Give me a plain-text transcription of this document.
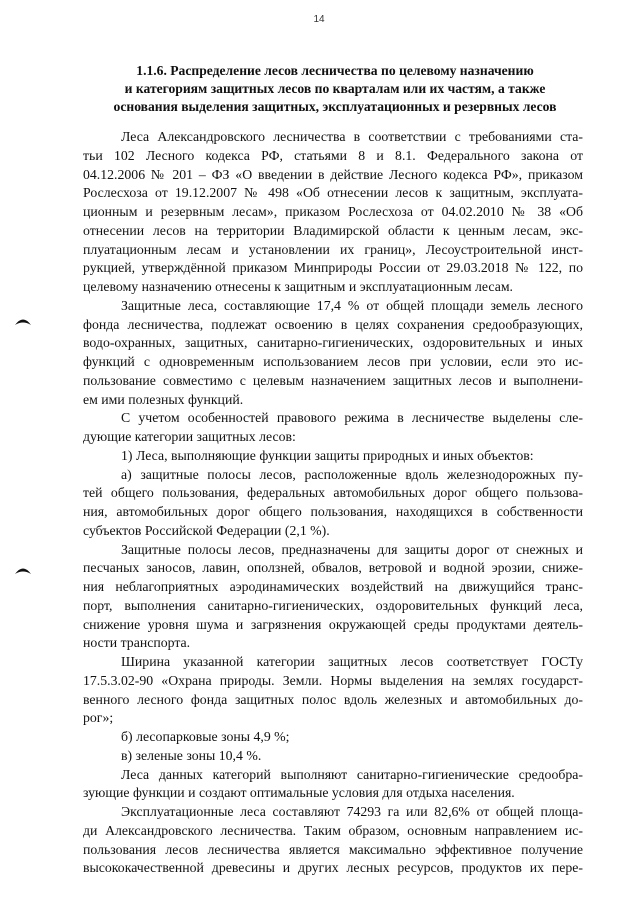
14
1.1.6. Распределение лесов лесничества по целевому назначению
и категориям защитных лесов по кварталам или их частям, а также
основания выделения защитных, эксплуатационных и резервных лесов
Леса Александровского лесничества в соответствии с требованиями ста-
тьи 102 Лесного кодекса РФ, статьями 8 и 8.1. Федерального закона от
04.12.2006 № 201 – ФЗ «О введении в действие Лесного кодекса РФ», приказом
Рослесхоза от 19.12.2007 № 498 «Об отнесении лесов к защитным, эксплуата-
ционным и резервным лесам», приказом Рослесхоза от 04.02.2010 № 38 «Об
отнесении лесов на территории Владимирской области к ценным лесам, экс-
плуатационным лесам и установлении их границ», Лесоустроительной инст-
рукцией, утверждённой приказом Минприроды России от 29.03.2018 № 122, по
целевому назначению отнесены к защитным и эксплуатационным лесам.
Защитные леса, составляющие 17,4 % от общей площади земель лесного
фонда лесничества, подлежат освоению в целях сохранения средообразующих,
водо-охранных, защитных, санитарно-гигиенических, оздоровительных и иных
функций с одновременным использованием лесов при условии, если это ис-
пользование совместимо с целевым назначением защитных лесов и выполнени-
ем ими полезных функций.
С учетом особенностей правового режима в лесничестве выделены сле-
дующие категории защитных лесов:
1) Леса, выполняющие функции защиты природных и иных объектов:
а) защитные полосы лесов, расположенные вдоль железнодорожных пу-
тей общего пользования, федеральных автомобильных дорог общего пользова-
ния, автомобильных дорог общего пользования, находящихся в собственности
субъектов Российской Федерации (2,1 %).
Защитные полосы лесов, предназначены для защиты дорог от снежных и
песчаных заносов, лавин, оползней, обвалов, ветровой и водной эрозии, сниже-
ния неблагоприятных аэродинамических воздействий на движущийся транс-
порт, выполнения санитарно-гигиенических, оздоровительных функций леса,
снижение уровня шума и загрязнения окружающей среды продуктами деятель-
ности транспорта.
Ширина указанной категории защитных лесов соответствует ГОСТу
17.5.3.02-90 «Охрана природы. Земли. Нормы выделения на землях государст-
венного лесного фонда защитных полос вдоль железных и автомобильных до-
рог»;
б) лесопарковые зоны 4,9 %;
в) зеленые зоны 10,4 %.
Леса данных категорий выполняют санитарно-гигиенические средообра-
зующие функции и создают оптимальные условия для отдыха населения.
Эксплуатационные леса составляют 74293 га или 82,6% от общей площа-
ди Александровского лесничества. Таким образом, основным направлением ис-
пользования лесов лесничества является максимально эффективное получение
высококачественной древесины и других лесных ресурсов, продуктов их пере-
